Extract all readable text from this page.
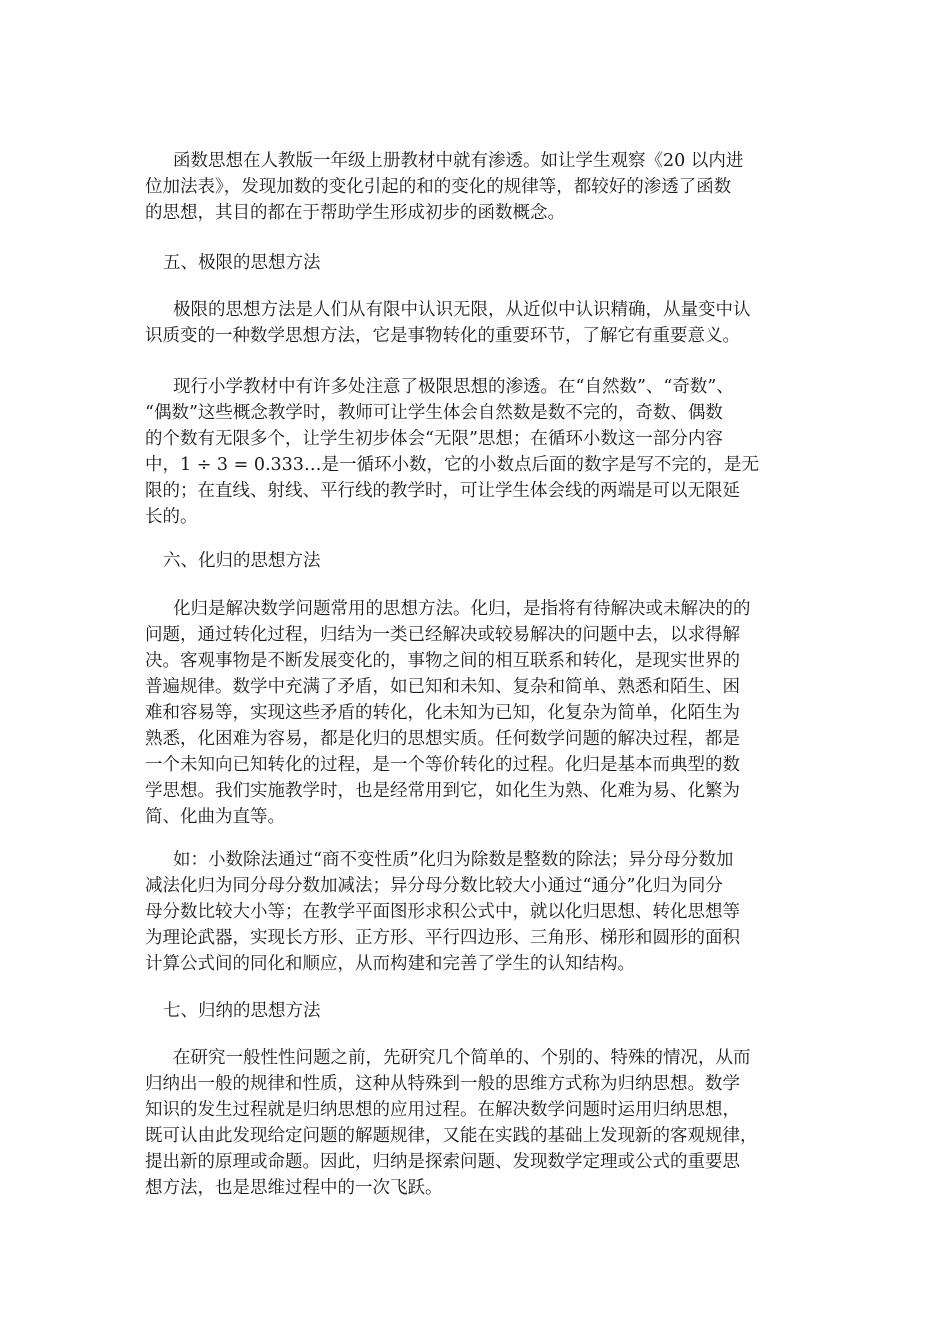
函数思想在人教版一年级上册教材中就有渗透。如让学生观察《20 以内进
位加法表》，发现加数的变化引起的和的变化的规律等，都较好的渗透了函数
的思想，其目的都在于帮助学生形成初步的函数概念。
五、极限的思想方法
极限的思想方法是人们从有限中认识无限，从近似中认识精确，从量变中认
识质变的一种数学思想方法，它是事物转化的重要环节，了解它有重要意义。
现行小学教材中有许多处注意了极限思想的渗透。在“自然数”、“奇数”、
“偶数”这些概念教学时，教师可让学生体会自然数是数不完的，奇数、偶数
的个数有无限多个，让学生初步体会“无限”思想；在循环小数这一部分内容
中，1 ÷ 3 = 0.333…是一循环小数，它的小数点后面的数字是写不完的，是无
限的；在直线、射线、平行线的教学时，可让学生体会线的两端是可以无限延
长的。
六、化归的思想方法
化归是解决数学问题常用的思想方法。化归，是指将有待解决或未解决的的
问题，通过转化过程，归结为一类已经解决或较易解决的问题中去，以求得解
决。客观事物是不断发展变化的，事物之间的相互联系和转化，是现实世界的
普遍规律。数学中充满了矛盾，如已知和未知、复杂和简单、熟悉和陌生、困
难和容易等，实现这些矛盾的转化，化未知为已知，化复杂为简单，化陌生为
熟悉，化困难为容易，都是化归的思想实质。任何数学问题的解决过程，都是
一个未知向已知转化的过程，是一个等价转化的过程。化归是基本而典型的数
学思想。我们实施教学时，也是经常用到它，如化生为熟、化难为易、化繁为
简、化曲为直等。
如：小数除法通过“商不变性质”化归为除数是整数的除法；异分母分数加
减法化归为同分母分数加减法；异分母分数比较大小通过“通分”化归为同分
母分数比较大小等；在教学平面图形求积公式中，就以化归思想、转化思想等
为理论武器，实现长方形、正方形、平行四边形、三角形、梯形和圆形的面积
计算公式间的同化和顺应，从而构建和完善了学生的认知结构。
七、归纳的思想方法
在研究一般性性问题之前，先研究几个简单的、个别的、特殊的情况，从而
归纳出一般的规律和性质，这种从特殊到一般的思维方式称为归纳思想。数学
知识的发生过程就是归纳思想的应用过程。在解决数学问题时运用归纳思想，
既可认由此发现给定问题的解题规律，又能在实践的基础上发现新的客观规律，
提出新的原理或命题。因此，归纳是探索问题、发现数学定理或公式的重要思
想方法，也是思维过程中的一次飞跃。
